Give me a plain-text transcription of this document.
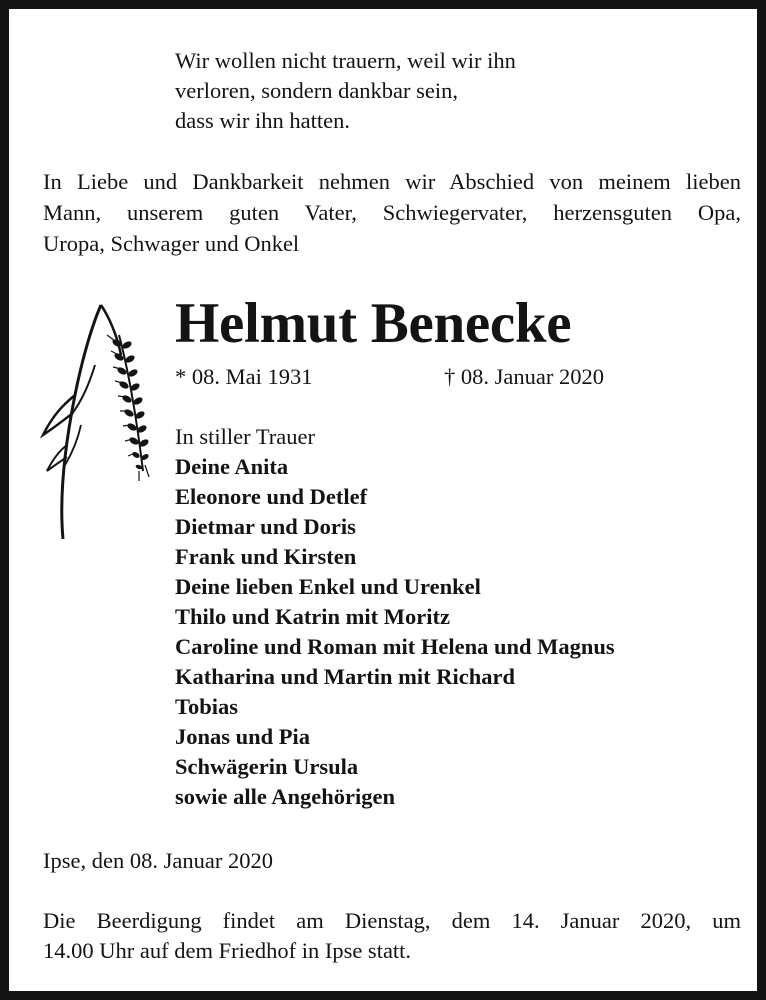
Wir wollen nicht trauern, weil wir ihn
verloren, sondern dankbar sein,
dass wir ihn hatten.
In Liebe und Dankbarkeit nehmen wir Abschied von meinem lieben
Mann, unserem guten Vater, Schwiegervater, herzensguten Opa,
Uropa, Schwager und Onkel
Helmut Benecke
* 08. Mai 1931	† 08. Januar 2020
In stiller Trauer
Deine Anita
Eleonore und Detlef
Dietmar und Doris
Frank und Kirsten
Deine lieben Enkel und Urenkel
Thilo und Katrin mit Moritz
Caroline und Roman mit Helena und Magnus
Katharina und Martin mit Richard
Tobias
Jonas und Pia
Schwägerin Ursula
sowie alle Angehörigen
Ipse, den 08. Januar 2020
Die Beerdigung findet am Dienstag, dem 14. Januar 2020, um
14.00 Uhr auf dem Friedhof in Ipse statt.
